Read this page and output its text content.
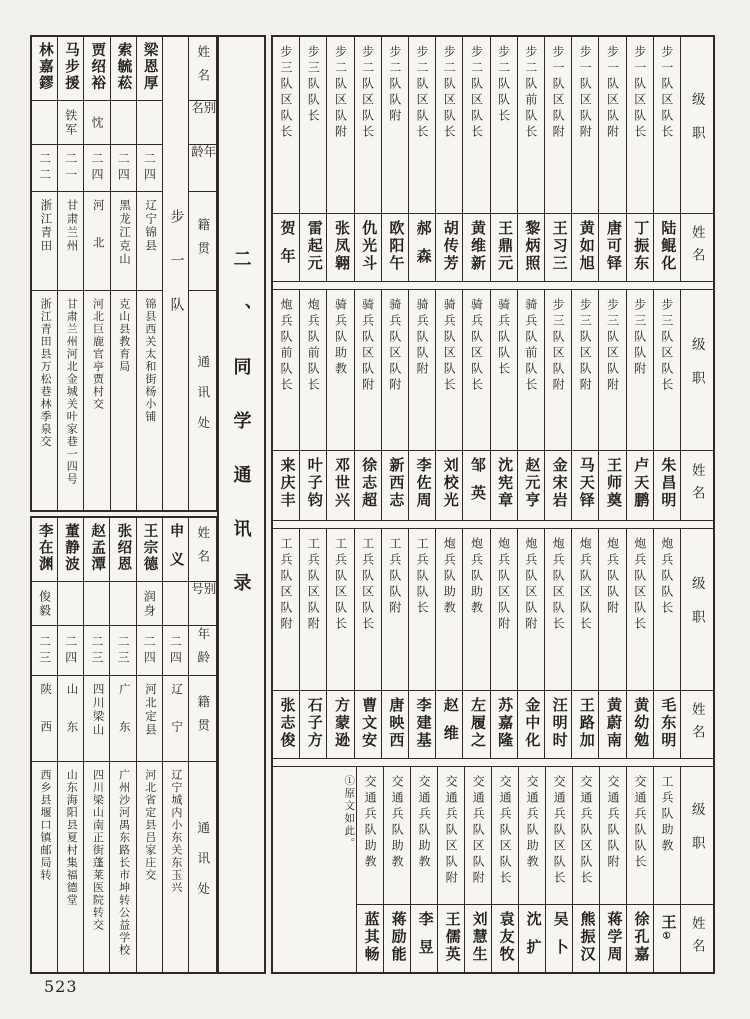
姓名
别名
年龄
籍贯
通讯处
步一队
梁恩厚
二四
辽宁锦县
锦县西关太和街杨小铺
索毓菘
二四
黑龙江克山
克山县教育局
贾绍裕
忱
二四
河北
河北巨鹿官亭贾村交
马步援
铁军
二一
甘肃兰州
甘肃兰州河北金城关叶家巷一四号
林嘉鏐
二二
浙江青田
浙江青田县万松巷林季泉交
姓名
别号
年龄
籍贯
通讯处
申义
二四
辽宁
辽宁城内小东关东玉兴
王宗德
润身
二四
河北定县
河北省定县吕家庄交
张绍恩
二三
广东
广州沙河禺东路长市坤转公益学校
赵孟潭
二三
四川梁山
四川梁山南正街蓬莱医院转交
董静波
二四
山东
山东海阳县夏村集福德堂
李在渊
俊毅
二三
陕西
西乡县堰口镇邮局转
二、同学通讯录
级职
姓名
步一队区队长
陆鲲化
步一队区队长
丁振东
步一队区队附
唐可铎
步一队区队附
黄如旭
步一队区队附
王习三
步二队前队长
黎炳照
步二队队长
王鼎元
步二队区队长
黄维新
步二队区队长
胡传芳
步二队区队长
郝森
步二队队附
欧阳午
步二队区队长
仇光斗
步二队区队附
张凤翱
步三队队长
雷起元
步三队区队长
贺年
级职
姓名
步三队区队长
朱昌明
步三队队附
卢天鹏
步三队区队附
王师奠
步三队区队附
马天铎
步三队区队附
金宋岩
骑兵队前队长
赵元亨
骑兵队队长
沈宪章
骑兵队区队长
邹英
骑兵队区队长
刘校光
骑兵队队附
李佐周
骑兵队区队附
新西志
骑兵队区队附
徐志超
骑兵队助教
邓世兴
炮兵队前队长
叶子钧
炮兵队前队长
来庆丰
级职
姓名
炮兵队队长
毛东明
炮兵队区队长
黄幼勉
炮兵队队附
黄蔚南
炮兵队区队长
王路加
炮兵队区队长
汪明时
炮兵队区队附
金中化
炮兵队区队附
苏嘉隆
炮兵队助教
左履之
炮兵队助教
赵维
工兵队队长
李建基
工兵队队附
唐映西
工兵队区队长
曹文安
工兵队区队长
方蒙逊
工兵队区队附
石子方
工兵队区队附
张志俊
级职
姓名
工兵队助教
王①
交通兵队队长
徐孔嘉
交通兵队队附
蒋学周
交通兵队区队长
熊振汉
交通兵队区队长
吴卜
交通兵队助教
沈扩
交通兵队区队长
袁友牧
交通兵队区队附
刘慧生
交通兵队区队附
王儒英
交通兵队助教
李昱
交通兵队助教
蒋励能
交通兵队助教
蓝其畅
①原文如此。
523
